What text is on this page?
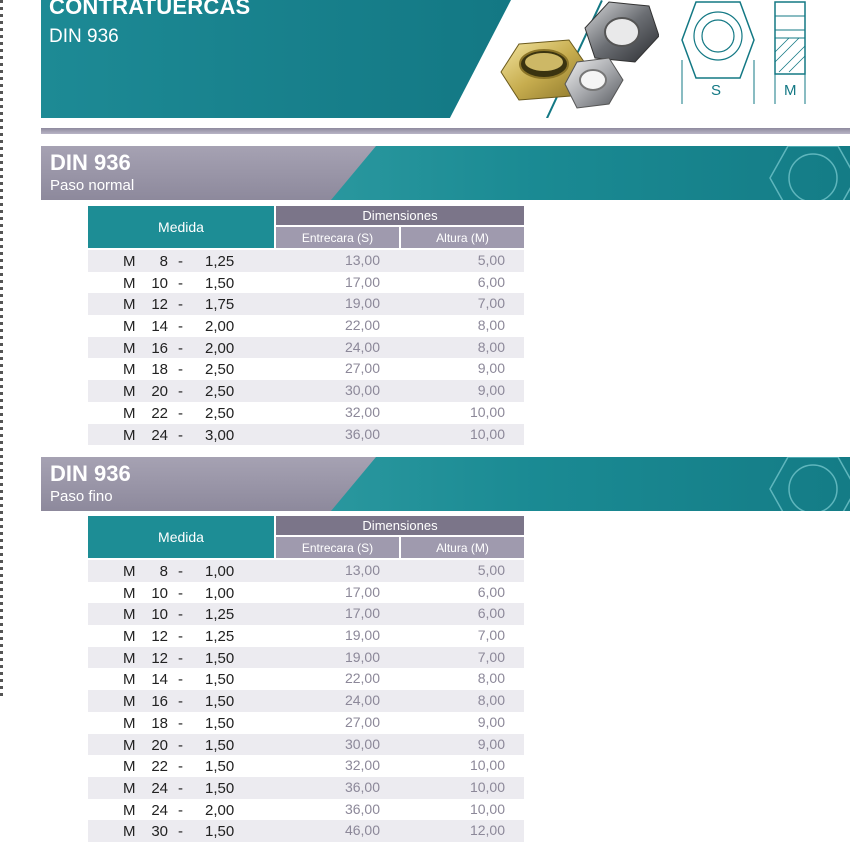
CONTRATUERCAS
DIN 936
S	M
DIN 936
Paso normal
Medida
Dimensiones
Entrecara (S)	Altura (M)
M	8 - 1,25	13,00	5,00
M	10 - 1,50	17,00	6,00
M	12 - 1,75	19,00	7,00
M	14 - 2,00	22,00	8,00
M	16 - 2,00	24,00	8,00
M	18 - 2,50	27,00	9,00
M	20 - 2,50	30,00	9,00
M	22 - 2,50	32,00	10,00
M	24 - 3,00	36,00	10,00
DIN 936
Paso fino
Medida
Dimensiones
Entrecara (S)	Altura (M)
M	8 - 1,00	13,00	5,00
M	10 - 1,00	17,00	6,00
M	10 - 1,25	17,00	6,00
M	12 - 1,25	19,00	7,00
M	12 - 1,50	19,00	7,00
M	14 - 1,50	22,00	8,00
M	16 - 1,50	24,00	8,00
M	18 - 1,50	27,00	9,00
M	20 - 1,50	30,00	9,00
M	22 - 1,50	32,00	10,00
M	24 - 1,50	36,00	10,00
M	24 - 2,00	36,00	10,00
M	30 - 1,50	46,00	12,00
